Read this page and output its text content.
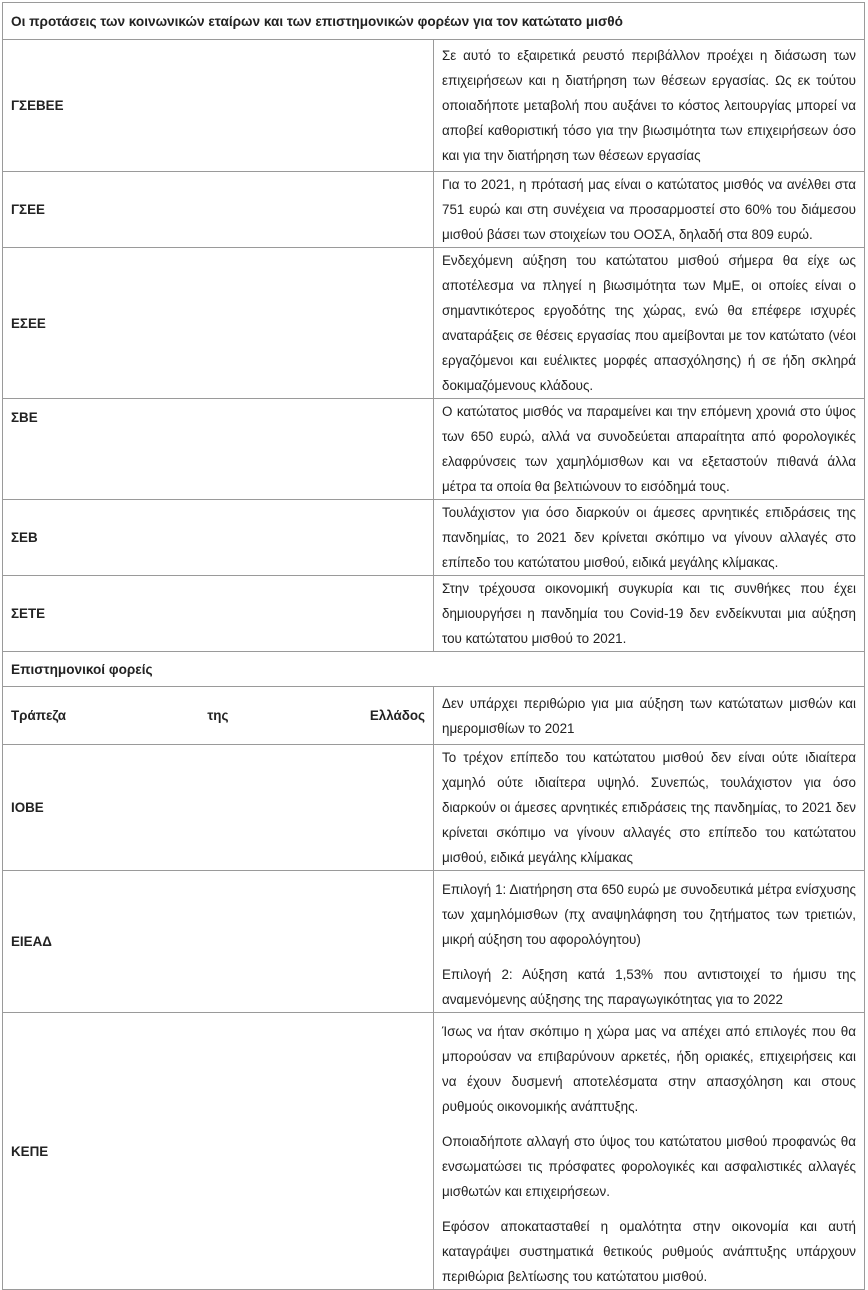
Οι προτάσεις των κοινωνικών εταίρων και των επιστημονικών φορέων για τον κατώτατο μισθό	
ΓΣΕΒΕΕ	Σε αυτό το εξαιρετικά ρευστό περιβάλλον προέχει η διάσωση των επιχειρήσεων και η διατήρηση των θέσεων εργασίας. Ως εκ τούτου οποιαδήποτε μεταβολή που αυξάνει το κόστος λειτουργίας μπορεί να αποβεί καθοριστική τόσο για την βιωσιμότητα των επιχειρήσεων όσο και για την διατήρηση των θέσεων εργασίας

ΓΣΕΕ	Για το 2021, η πρότασή μας είναι ο κατώτατος μισθός να ανέλθει στα 751 ευρώ και στη συνέχεια να προσαρμοστεί στο 60% του διάμεσου μισθού βάσει των στοιχείων του ΟΟΣΑ, δηλαδή στα 809 ευρώ.

ΕΣΕΕ	Ενδεχόμενη αύξηση του κατώτατου μισθού σήμερα θα είχε ως αποτέλεσμα να πληγεί η βιωσιμότητα των ΜμΕ, οι οποίες είναι ο σημαντικότερος εργοδότης της χώρας, ενώ θα επέφερε ισχυρές αναταράξεις σε θέσεις εργασίας που αμείβονται με τον κατώτατο (νέοι εργαζόμενοι και ευέλικτες μορφές απασχόλησης) ή σε ήδη σκληρά δοκιμαζόμενους κλάδους.

ΣΒΕ	Ο κατώτατος μισθός να παραμείνει και την επόμενη χρονιά στο ύψος των 650 ευρώ, αλλά να συνοδεύεται απαραίτητα από φορολογικές ελαφρύνσεις των χαμηλόμισθων και να εξεταστούν πιθανά άλλα μέτρα τα οποία θα βελτιώνουν το εισόδημά τους.

ΣΕΒ	Τουλάχιστον για όσο διαρκούν οι άμεσες αρνητικές επιδράσεις της πανδημίας, το 2021 δεν κρίνεται σκόπιμο να γίνουν αλλαγές στο επίπεδο του κατώτατου μισθού, ειδικά μεγάλης κλίμακας.

ΣΕΤΕ	Στην τρέχουσα οικονομική συγκυρία και τις συνθήκες που έχει δημιουργήσει η πανδημία του Covid-19 δεν ενδείκνυται μια αύξηση του κατώτατου μισθού το 2021.

Επιστημονικοί φορείς	
Τράπεζα της Ελλάδος	Δεν υπάρχει περιθώριο για μια αύξηση των κατώτατων μισθών και ημερομισθίων το 2021

ΙΟΒΕ	Το τρέχον επίπεδο του κατώτατου μισθού δεν είναι ούτε ιδιαίτερα χαμηλό ούτε ιδιαίτερα υψηλό. Συνεπώς, τουλάχιστον για όσο διαρκούν οι άμεσες αρνητικές επιδράσεις της πανδημίας, το 2021 δεν κρίνεται σκόπιμο να γίνουν αλλαγές στο επίπεδο του κατώτατου μισθού, ειδικά μεγάλης κλίμακας

ΕΙΕΑΔ	Επιλογή 1: Διατήρηση στα 650 ευρώ με συνοδευτικά μέτρα ενίσχυσης των χαμηλόμισθων (πχ αναψηλάφηση του ζητήματος των τριετιών, μικρή αύξηση του αφορολόγητου)

Επιλογή 2: Αύξηση κατά 1,53% που αντιστοιχεί το ήμισυ της αναμενόμενης αύξησης της παραγωγικότητας για το 2022

ΚΕΠΕ	Ίσως να ήταν σκόπιμο η χώρα μας να απέχει από επιλογές που θα μπορούσαν να επιβαρύνουν αρκετές, ήδη οριακές, επιχειρήσεις και να έχουν δυσμενή αποτελέσματα στην απασχόληση και στους ρυθμούς οικονομικής ανάπτυξης.

Οποιαδήποτε αλλαγή στο ύψος του κατώτατου μισθού προφανώς θα ενσωματώσει τις πρόσφατες φορολογικές και ασφαλιστικές αλλαγές μισθωτών και επιχειρήσεων.

Εφόσον αποκατασταθεί η ομαλότητα στην οικονομία και αυτή καταγράψει συστηματικά θετικούς ρυθμούς ανάπτυξης υπάρχουν περιθώρια βελτίωσης του κατώτατου μισθού.
